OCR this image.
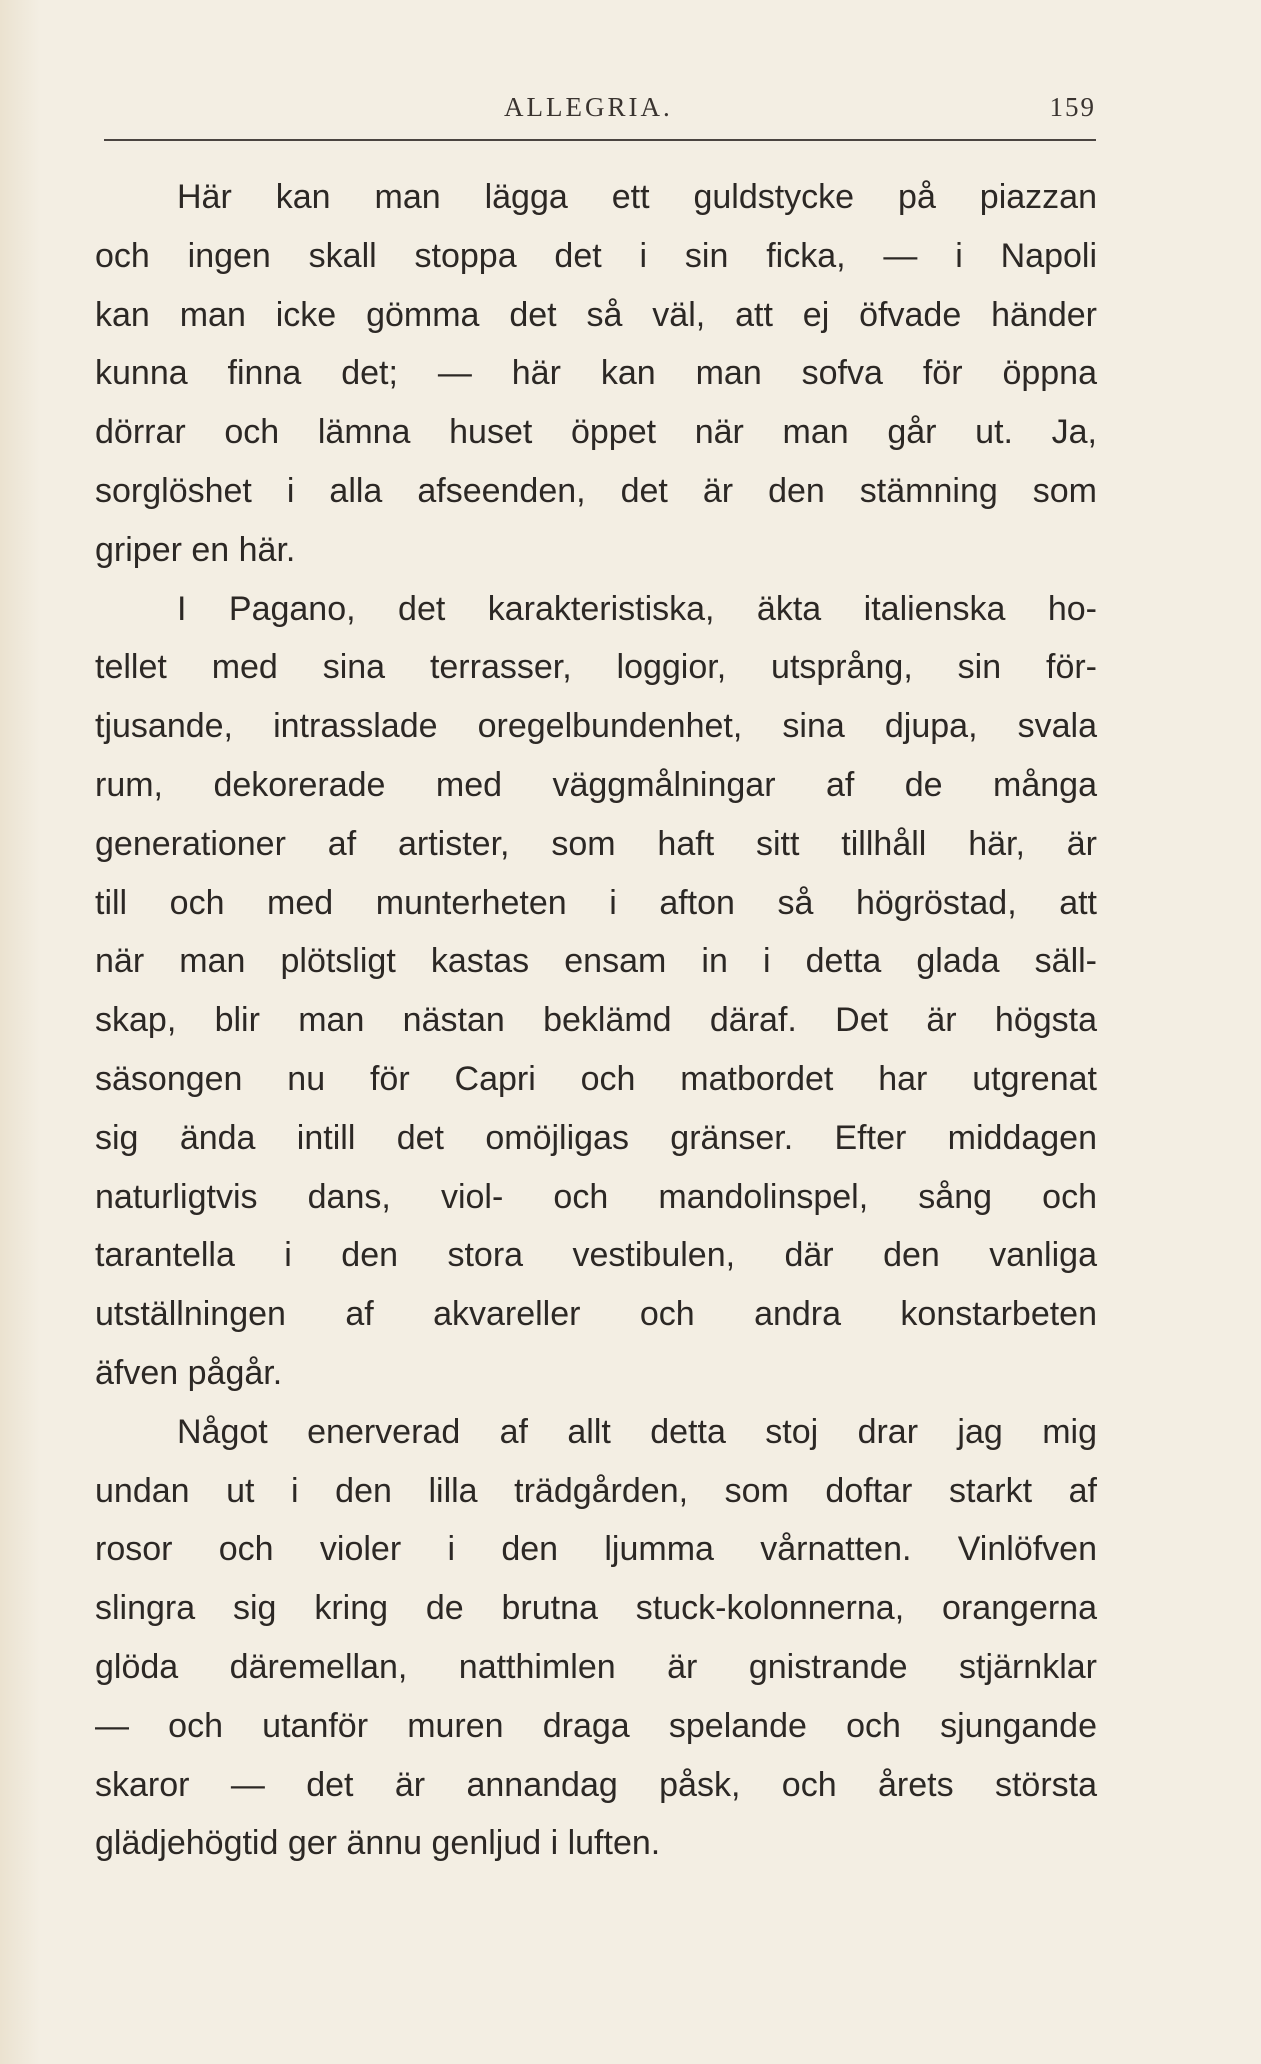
ALLEGRIA.	159
Här kan man lägga ett guldstycke på piazzan
och ingen skall stoppa det i sin ficka, — i Napoli
kan man icke gömma det så väl, att ej öfvade händer
kunna finna det; — här kan man sofva för öppna
dörrar och lämna huset öppet när man går ut. Ja,
sorglöshet i alla afseenden, det är den stämning som
griper en här.
I Pagano, det karakteristiska, äkta italienska ho-
tellet med sina terrasser, loggior, utsprång, sin för-
tjusande, intrasslade oregelbundenhet, sina djupa, svala
rum, dekorerade med väggmålningar af de många
generationer af artister, som haft sitt tillhåll här, är
till och med munterheten i afton så högröstad, att
när man plötsligt kastas ensam in i detta glada säll-
skap, blir man nästan beklämd däraf. Det är högsta
säsongen nu för Capri och matbordet har utgrenat
sig ända intill det omöjligas gränser. Efter middagen
naturligtvis dans, viol- och mandolinspel, sång och
tarantella i den stora vestibulen, där den vanliga
utställningen af akvareller och andra konstarbeten
äfven pågår.
Något enerverad af allt detta stoj drar jag mig
undan ut i den lilla trädgården, som doftar starkt af
rosor och violer i den ljumma vårnatten. Vinlöfven
slingra sig kring de brutna stuck-kolonnerna, orangerna
glöda däremellan, natthimlen är gnistrande stjärnklar
— och utanför muren draga spelande och sjungande
skaror — det är annandag påsk, och årets största
glädjehögtid ger ännu genljud i luften.
